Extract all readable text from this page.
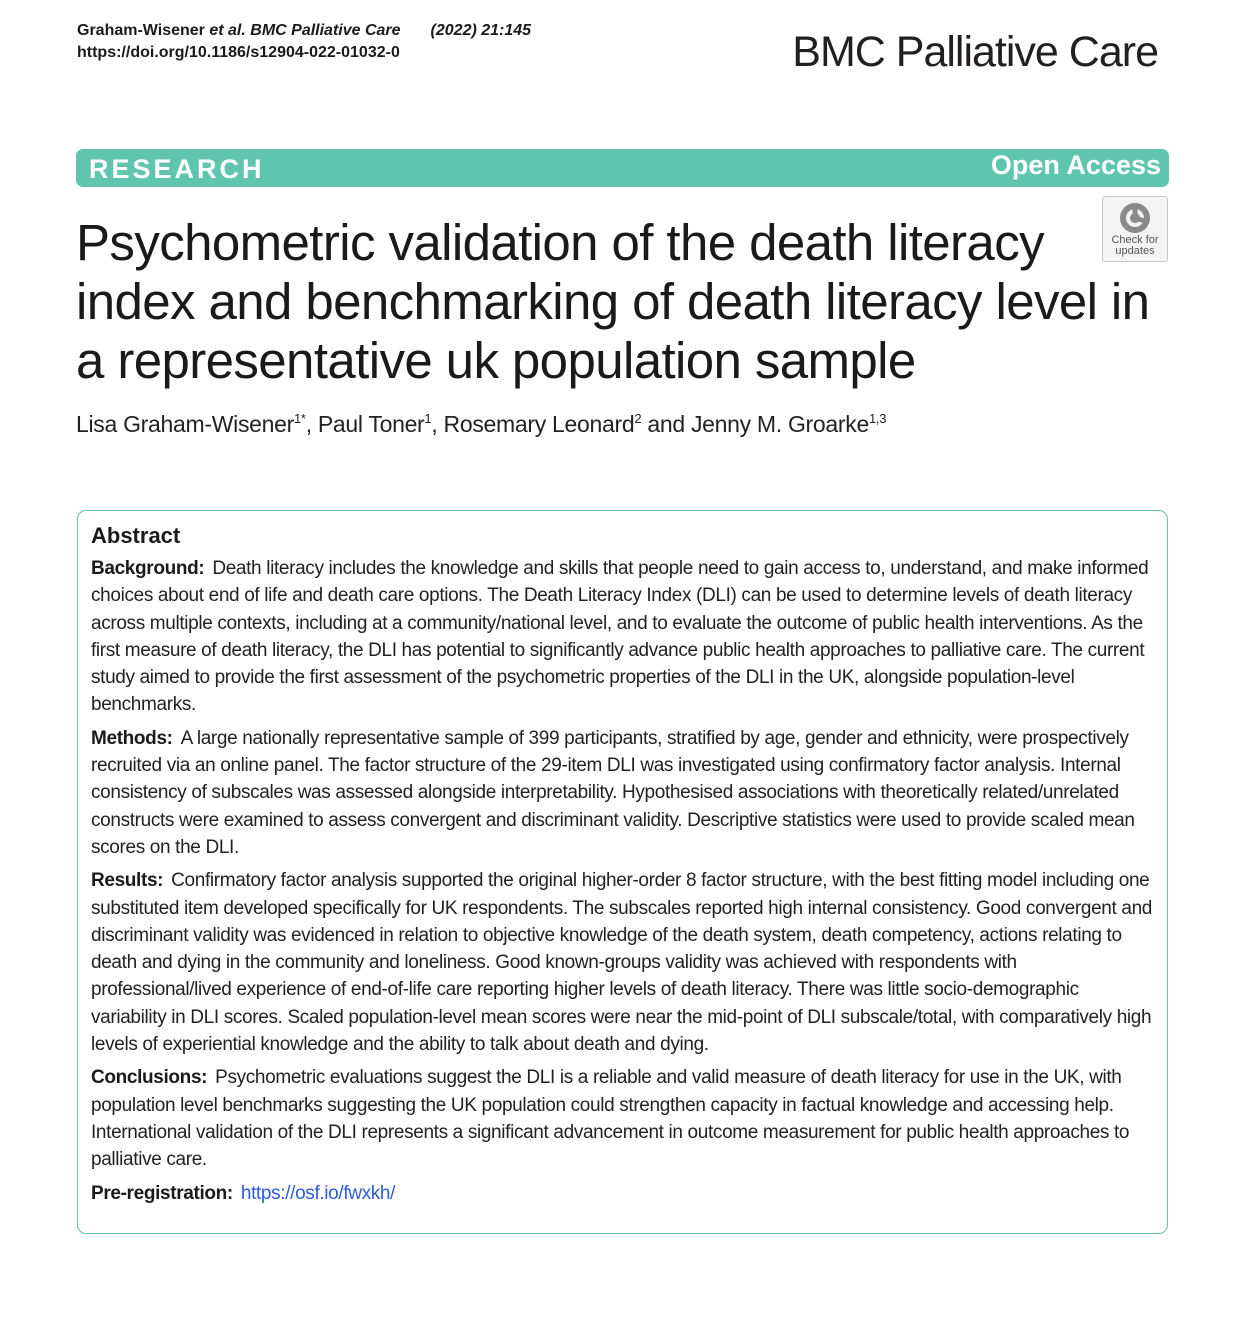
Graham-Wisener et al. BMC Palliative Care (2022) 21:145
https://doi.org/10.1186/s12904-022-01032-0	BMC Palliative Care
RESEARCH	Open Access
Psychometric validation of the death literacy index and benchmarking of death literacy level in a representative uk population sample
Check for
updates
Lisa Graham-Wisener$^{1*}$, Paul Toner$^1$, Rosemary Leonard$^2$ and Jenny M. Groarke$^{1,3}$
Abstract

Background: Death literacy includes the knowledge and skills that people need to gain access to, understand, and make informed choices about end of life and death care options. The Death Literacy Index (DLI) can be used to determine levels of death literacy across multiple contexts, including at a community/national level, and to evaluate the outcome of public health interventions. As the first measure of death literacy, the DLI has potential to significantly advance public health approaches to palliative care. The current study aimed to provide the first assessment of the psychometric properties of the DLI in the UK, alongside population-level benchmarks.

Methods: A large nationally representative sample of 399 participants, stratified by age, gender and ethnicity, were prospectively recruited via an online panel. The factor structure of the 29-item DLI was investigated using confirmatory factor analysis. Internal consistency of subscales was assessed alongside interpretability. Hypothesised associations with theoretically related/unrelated constructs were examined to assess convergent and discriminant validity. Descriptive statistics were used to provide scaled mean scores on the DLI.

Results: Confirmatory factor analysis supported the original higher-order 8 factor structure, with the best fitting model including one substituted item developed specifically for UK respondents. The subscales reported high internal consistency. Good convergent and discriminant validity was evidenced in relation to objective knowledge of the death system, death competency, actions relating to death and dying in the community and loneliness. Good known-groups validity was achieved with respondents with professional/lived experience of end-of-life care reporting higher levels of death literacy. There was little socio-demographic variability in DLI scores. Scaled population-level mean scores were near the mid-point of DLI subscale/total, with comparatively high levels of experiential knowledge and the ability to talk about death and dying.

Conclusions: Psychometric evaluations suggest the DLI is a reliable and valid measure of death literacy for use in the UK, with population level benchmarks suggesting the UK population could strengthen capacity in factual knowledge and accessing help. International validation of the DLI represents a significant advancement in outcome measurement for public health approaches to palliative care.

Pre-registration: https://osf.io/fwxkh/
